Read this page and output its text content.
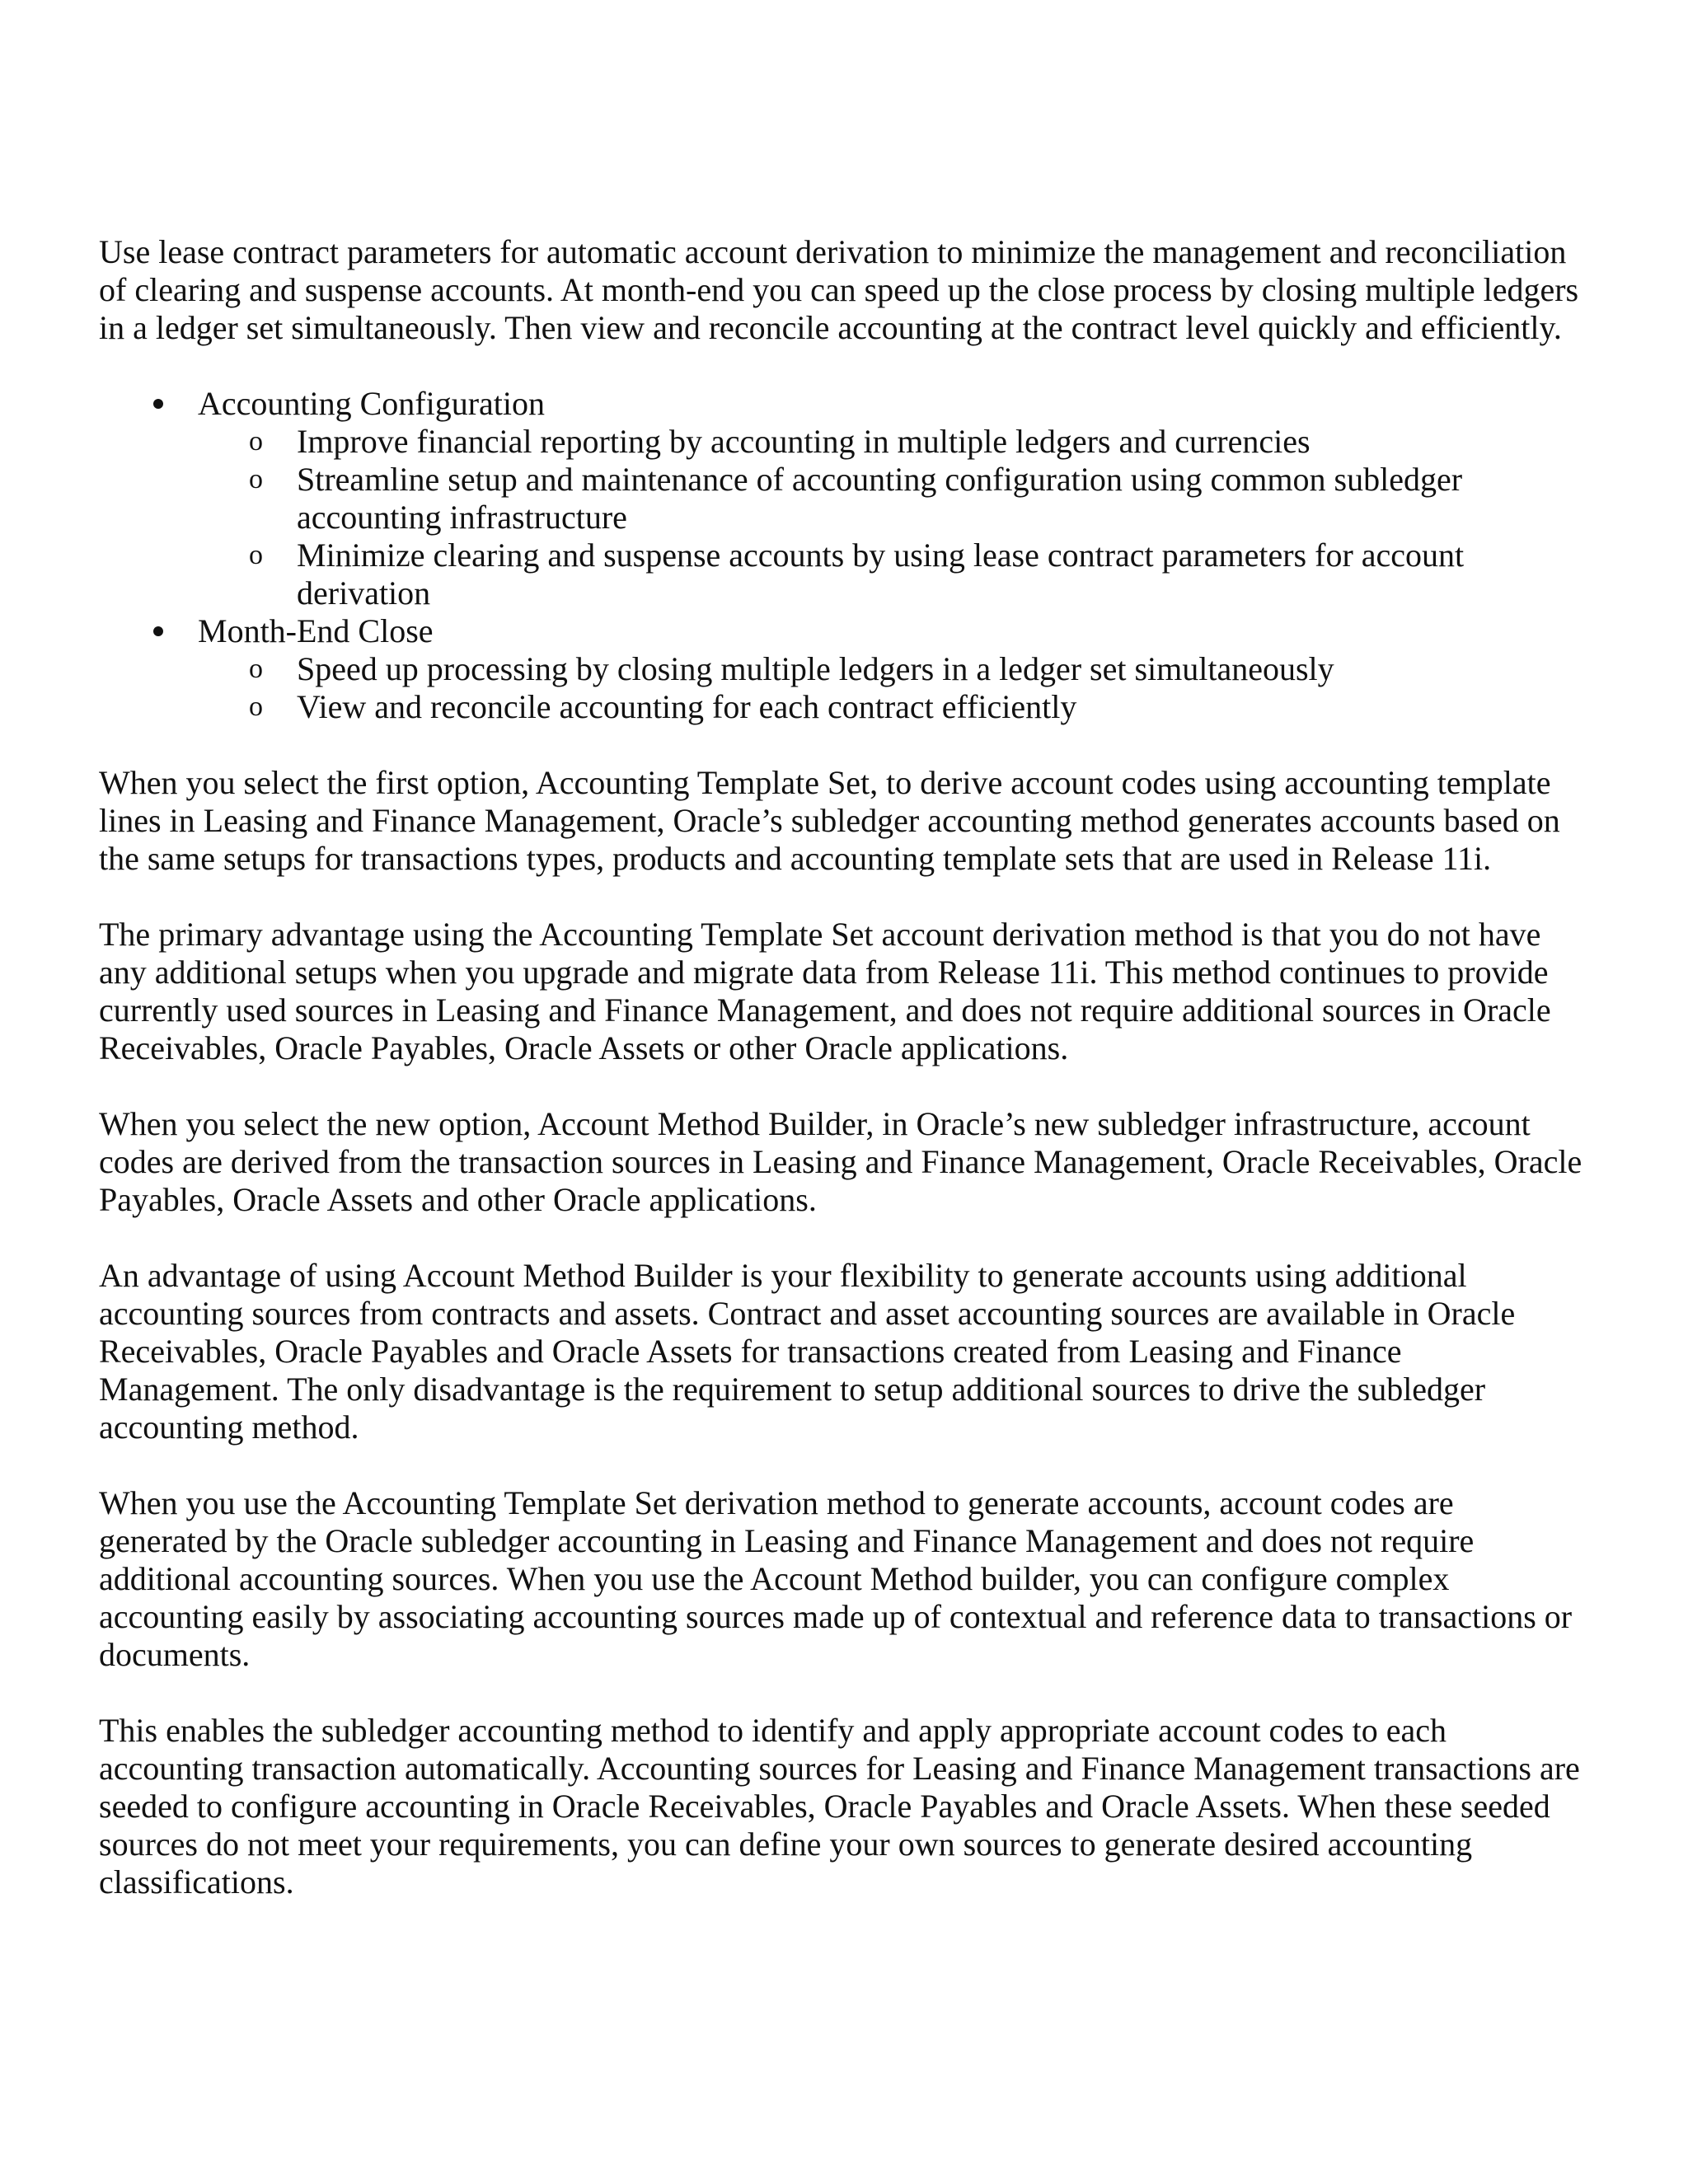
Use lease contract parameters for automatic account derivation to minimize the management and reconciliation of clearing and suspense accounts. At month-end you can speed up the close process by closing multiple ledgers in a ledger set simultaneously. Then view and reconcile accounting at the contract level quickly and efficiently.

Accounting Configuration
o Improve financial reporting by accounting in multiple ledgers and currencies
o Streamline setup and maintenance of accounting configuration using common subledger accounting infrastructure
o Minimize clearing and suspense accounts by using lease contract parameters for account derivation
Month-End Close
o Speed up processing by closing multiple ledgers in a ledger set simultaneously
o View and reconcile accounting for each contract efficiently

When you select the first option, Accounting Template Set, to derive account codes using accounting template lines in Leasing and Finance Management, Oracle’s subledger accounting method generates accounts based on the same setups for transactions types, products and accounting template sets that are used in Release 11i.

The primary advantage using the Accounting Template Set account derivation method is that you do not have any additional setups when you upgrade and migrate data from Release 11i. This method continues to provide currently used sources in Leasing and Finance Management, and does not require additional sources in Oracle Receivables, Oracle Payables, Oracle Assets or other Oracle applications.

When you select the new option, Account Method Builder, in Oracle’s new subledger infrastructure, account codes are derived from the transaction sources in Leasing and Finance Management, Oracle Receivables, Oracle Payables, Oracle Assets and other Oracle applications.

An advantage of using Account Method Builder is your flexibility to generate accounts using additional accounting sources from contracts and assets. Contract and asset accounting sources are available in Oracle Receivables, Oracle Payables and Oracle Assets for transactions created from Leasing and Finance Management. The only disadvantage is the requirement to setup additional sources to drive the subledger accounting method.

When you use the Accounting Template Set derivation method to generate accounts, account codes are generated by the Oracle subledger accounting in Leasing and Finance Management and does not require additional accounting sources. When you use the Account Method builder, you can configure complex accounting easily by associating accounting sources made up of contextual and reference data to transactions or documents.

This enables the subledger accounting method to identify and apply appropriate account codes to each accounting transaction automatically. Accounting sources for Leasing and Finance Management transactions are seeded to configure accounting in Oracle Receivables, Oracle Payables and Oracle Assets. When these seeded sources do not meet your requirements, you can define your own sources to generate desired accounting classifications.
